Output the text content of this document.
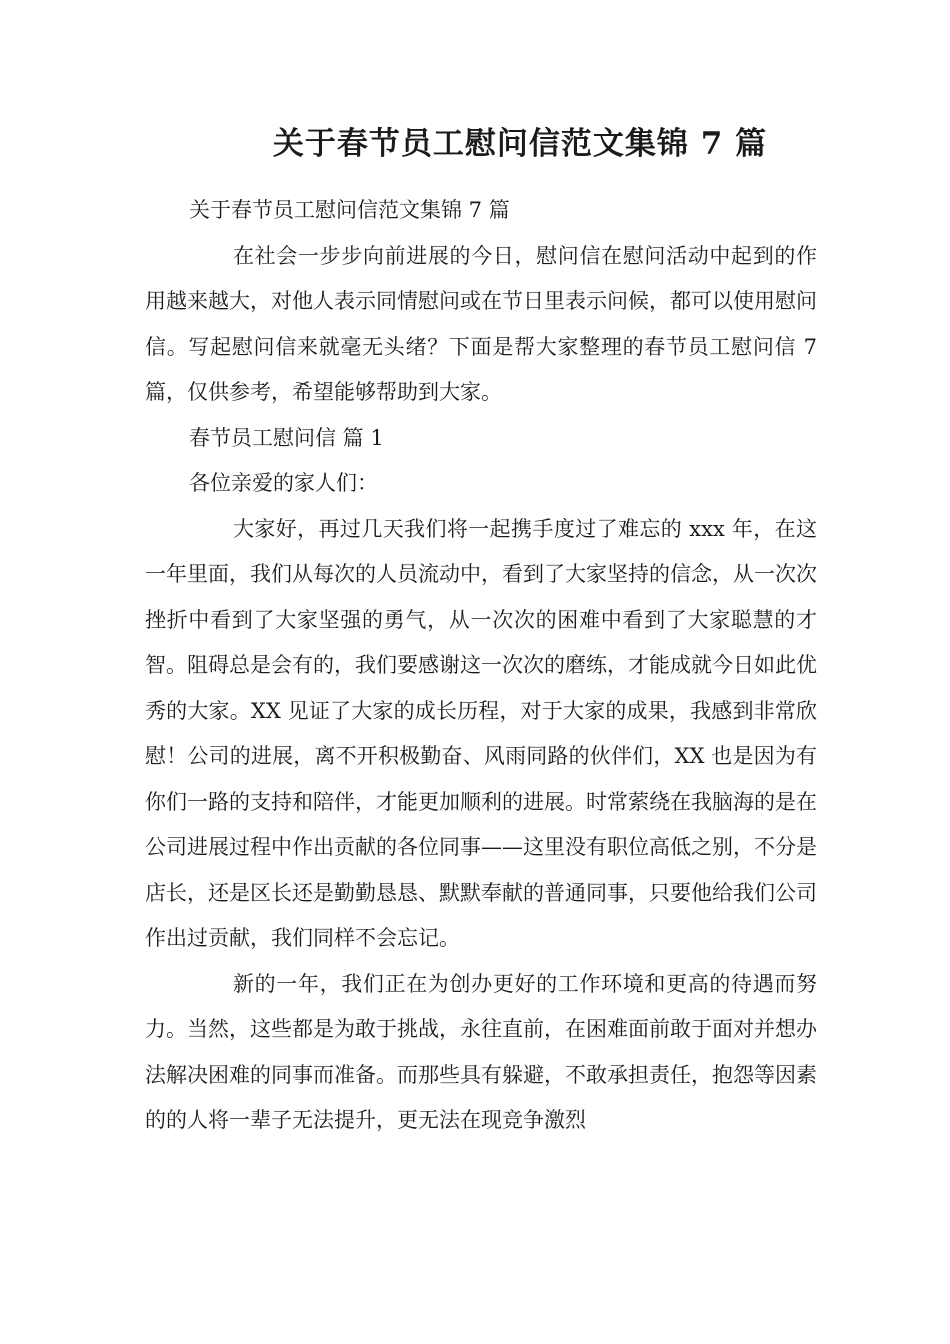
关于春节员工慰问信范文集锦 7 篇

关于春节员工慰问信范文集锦 7 篇

在社会一步步向前进展的今日，慰问信在慰问活动中起到的作用越来越大，对他人表示同情慰问或在节日里表示问候，都可以使用慰问信。写起慰问信来就毫无头绪？下面是帮大家整理的春节员工慰问信 7 篇，仅供参考，希望能够帮助到大家。

春节员工慰问信 篇 1

各位亲爱的家人们：

大家好，再过几天我们将一起携手度过了难忘的 xxx 年，在这一年里面，我们从每次的人员流动中，看到了大家坚持的信念，从一次次挫折中看到了大家坚强的勇气，从一次次的困难中看到了大家聪慧的才智。阻碍总是会有的，我们要感谢这一次次的磨练，才能成就今日如此优秀的大家。XX 见证了大家的成长历程，对于大家的成果，我感到非常欣慰！公司的进展，离不开积极勤奋、风雨同路的伙伴们，XX 也是因为有你们一路的支持和陪伴，才能更加顺利的进展。时常萦绕在我脑海的是在公司进展过程中作出贡献的各位同事——这里没有职位高低之别，不分是店长，还是区长还是勤勤恳恳、默默奉献的普通同事，只要他给我们公司作出过贡献，我们同样不会忘记。

新的一年，我们正在为创办更好的工作环境和更高的待遇而努力。当然，这些都是为敢于挑战，永往直前，在困难面前敢于面对并想办法解决困难的同事而准备。而那些具有躲避，不敢承担责任，抱怨等因素的的人将一辈子无法提升，更无法在现竞争激烈
